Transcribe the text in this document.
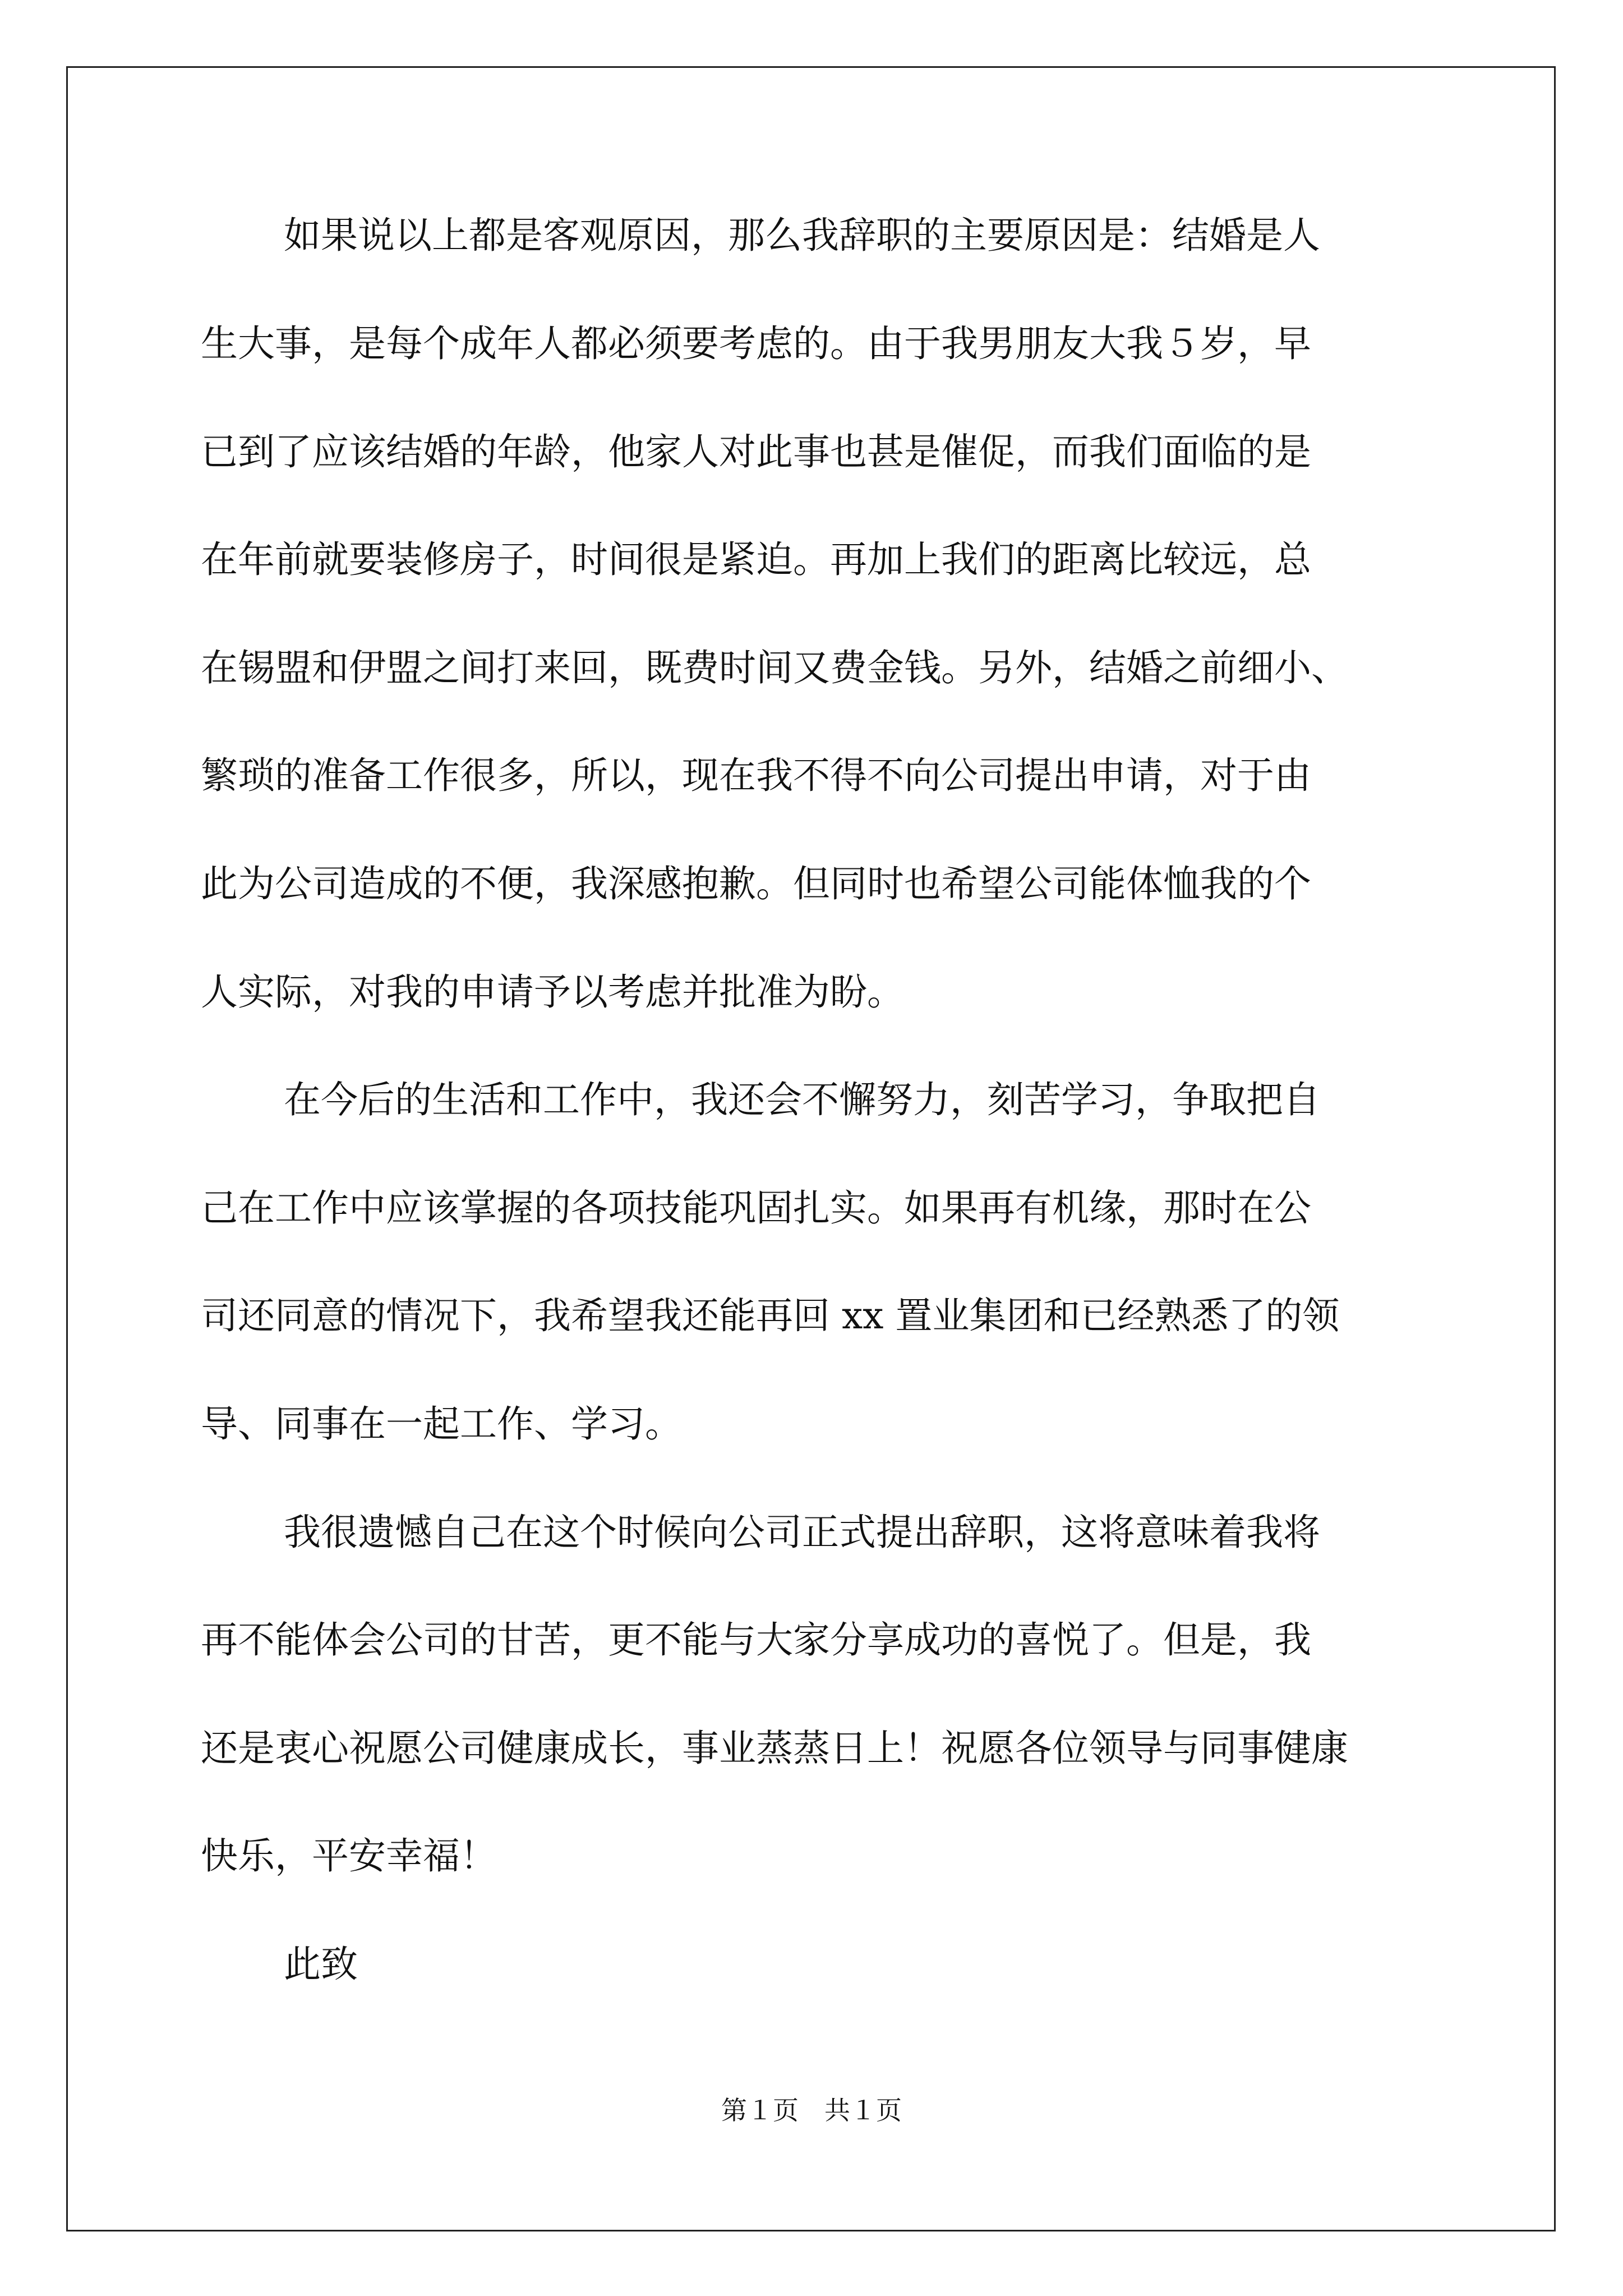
如果说以上都是客观原因，那么我辞职的主要原因是：结婚是人
生大事，是每个成年人都必须要考虑的。由于我男朋友大我５岁，早
已到了应该结婚的年龄，他家人对此事也甚是催促，而我们面临的是
在年前就要装修房子，时间很是紧迫。再加上我们的距离比较远，总
在锡盟和伊盟之间打来回，既费时间又费金钱。另外，结婚之前细小、
繁琐的准备工作很多，所以，现在我不得不向公司提出申请，对于由
此为公司造成的不便，我深感抱歉。但同时也希望公司能体恤我的个
人实际，对我的申请予以考虑并批准为盼。
在今后的生活和工作中，我还会不懈努力，刻苦学习，争取把自
己在工作中应该掌握的各项技能巩固扎实。如果再有机缘，那时在公
司还同意的情况下，我希望我还能再回 xx 置业集团和已经熟悉了的领
导、同事在一起工作、学习。
我很遗憾自己在这个时候向公司正式提出辞职，这将意味着我将
再不能体会公司的甘苦，更不能与大家分享成功的喜悦了。但是，我
还是衷心祝愿公司健康成长，事业蒸蒸日上！祝愿各位领导与同事健康
快乐，平安幸福！
此致
第１页　共１页
